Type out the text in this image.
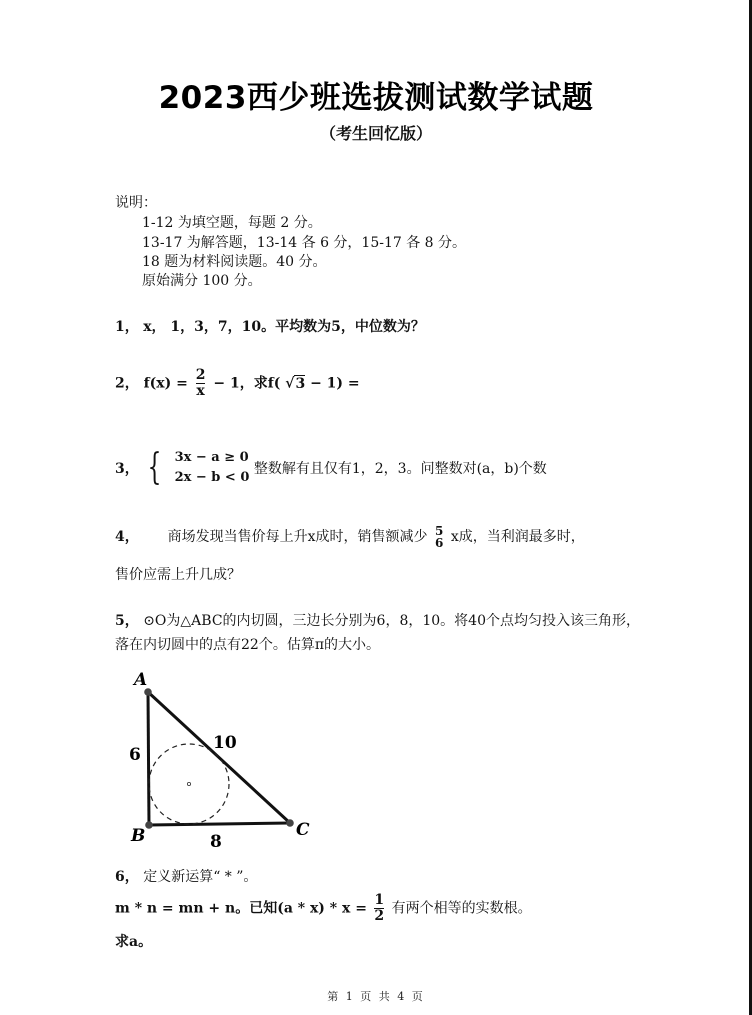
2023西少班选拔测试数学试题
（考生回忆版）
说明：
1-12 为填空题，每题 2 分。
13-17 为解答题，13-14 各 6 分，15-17 各 8 分。
18 题为材料阅读题。40 分。
原始满分 100 分。
1， x， 1，3，7，10。平均数为5，中位数为？
2， $f(x) = \frac{2}{x} - 1$，求f( √3 − 1) =
3， { 3x − a ≥ 0
2x − b < 0
整数解有且仅有1，2，3。问整数对(a，b)个数
4， 商场发现当售价每上升x成时，销售额减少 5
6 x成，当利润最多时，
售价应需上升几成？
5， ⊙O为△ABC的内切圆，三边长分别为6，8，10。将40个点均匀投入该三角形，
落在内切圆中的点有22个。估算π的大小。
A
B	C
6
8
10
6， 定义新运算“ * ”。
m * n = mn + n。已知$(a * x) * x = \frac{1}{2}$ 有两个相等的实数根。
求a。
第 1 页 共 4 页
